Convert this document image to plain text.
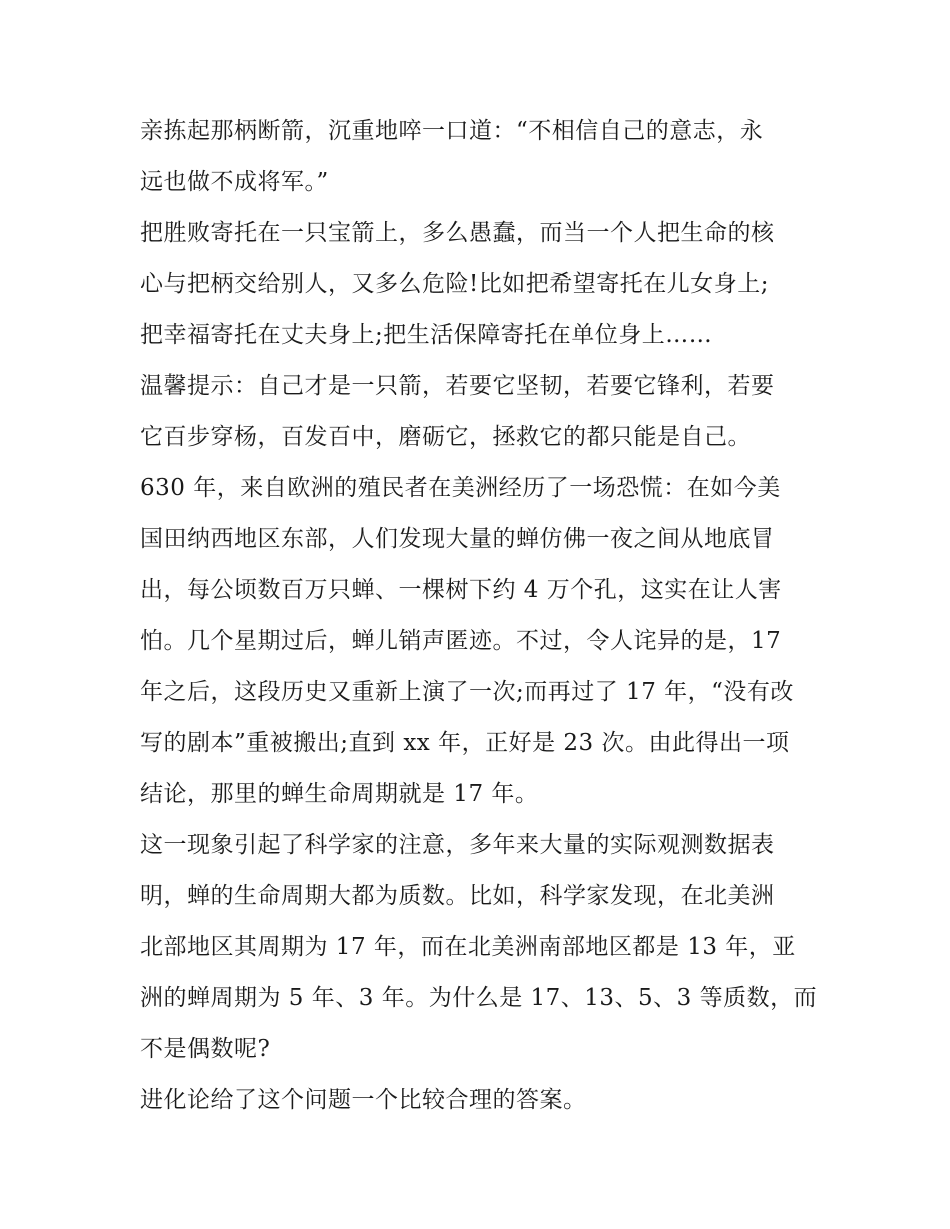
亲拣起那柄断箭，沉重地啐一口道：“不相信自己的意志，永
远也做不成将军。”
把胜败寄托在一只宝箭上，多么愚蠢，而当一个人把生命的核
心与把柄交给别人，又多么危险!比如把希望寄托在儿女身上;
把幸福寄托在丈夫身上;把生活保障寄托在单位身上……
温馨提示：自己才是一只箭，若要它坚韧，若要它锋利，若要
它百步穿杨，百发百中，磨砺它，拯救它的都只能是自己。
630 年，来自欧洲的殖民者在美洲经历了一场恐慌：在如今美
国田纳西地区东部，人们发现大量的蝉仿佛一夜之间从地底冒
出，每公顷数百万只蝉、一棵树下约 4 万个孔，这实在让人害
怕。几个星期过后，蝉儿销声匿迹。不过，令人诧异的是，17
年之后，这段历史又重新上演了一次;而再过了 17 年，“没有改
写的剧本”重被搬出;直到 xx 年，正好是 23 次。由此得出一项
结论，那里的蝉生命周期就是 17 年。
这一现象引起了科学家的注意，多年来大量的实际观测数据表
明，蝉的生命周期大都为质数。比如，科学家发现，在北美洲
北部地区其周期为 17 年，而在北美洲南部地区都是 13 年，亚
洲的蝉周期为 5 年、3 年。为什么是 17、13、5、3 等质数，而
不是偶数呢?
进化论给了这个问题一个比较合理的答案。
